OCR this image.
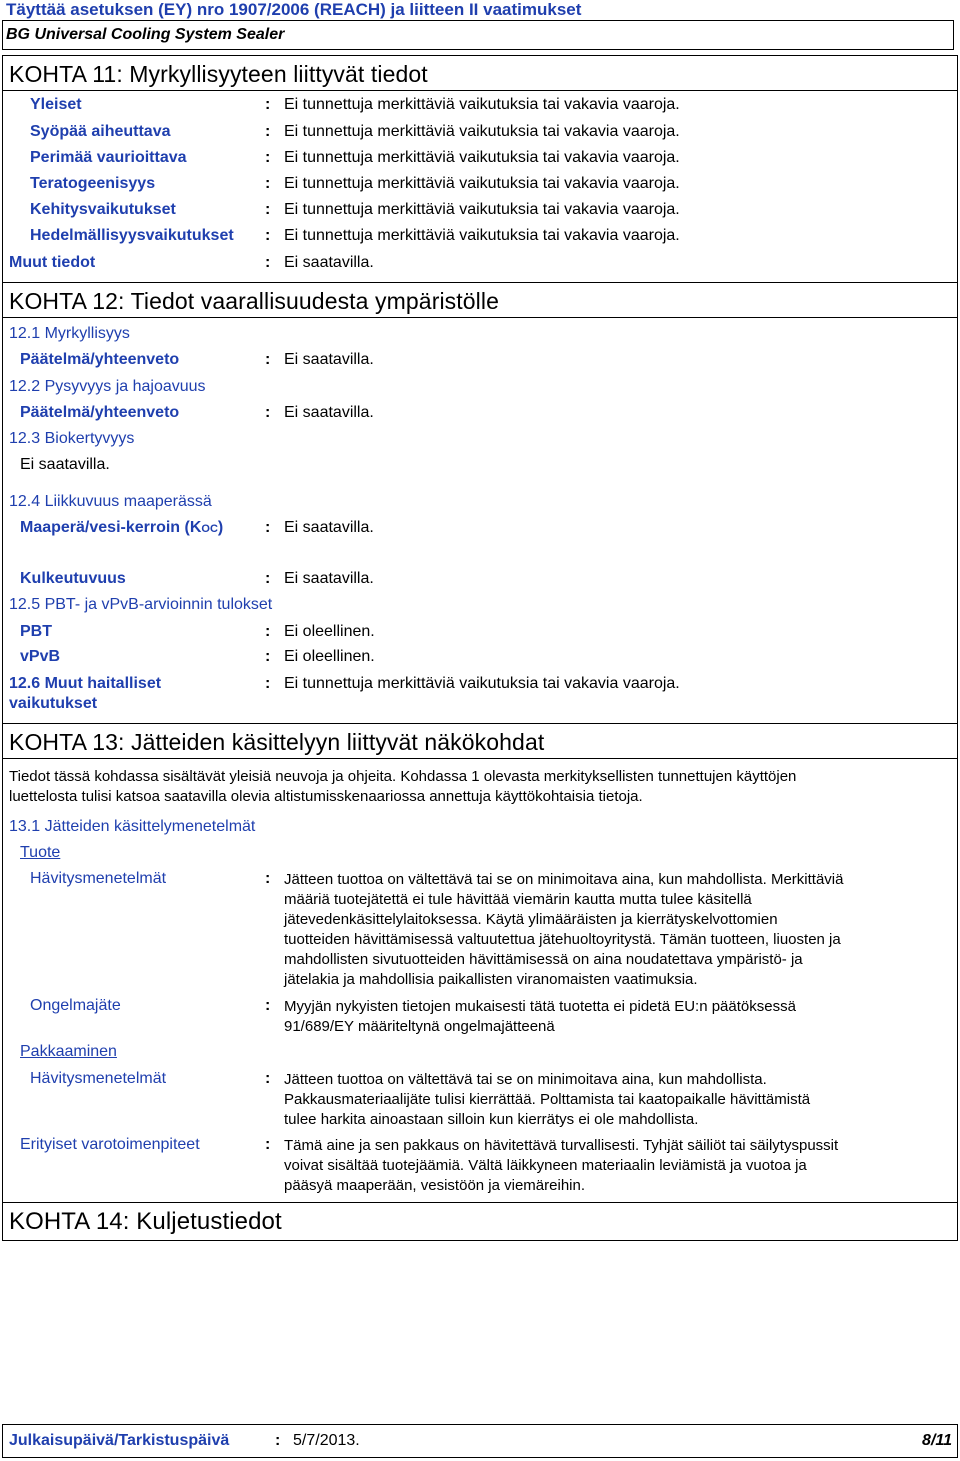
Täyttää asetuksen (EY) nro 1907/2006 (REACH) ja liitteen II vaatimukset
BG Universal Cooling System Sealer
KOHTA 11: Myrkyllisyyteen liittyvät tiedot
Yleiset	: Ei tunnettuja merkittäviä vaikutuksia tai vakavia vaaroja.
Syöpää aiheuttava	: Ei tunnettuja merkittäviä vaikutuksia tai vakavia vaaroja.
Perimää vaurioittava	: Ei tunnettuja merkittäviä vaikutuksia tai vakavia vaaroja.
Teratogeenisyys	: Ei tunnettuja merkittäviä vaikutuksia tai vakavia vaaroja.
Kehitysvaikutukset	: Ei tunnettuja merkittäviä vaikutuksia tai vakavia vaaroja.
Hedelmällisyysvaikutukset : Ei tunnettuja merkittäviä vaikutuksia tai vakavia vaaroja.
Muut tiedot	: Ei saatavilla.
KOHTA 12: Tiedot vaarallisuudesta ympäristölle
12.1 Myrkyllisyys
Päätelmä/yhteenveto	: Ei saatavilla.
12.2 Pysyvyys ja hajoavuus
Päätelmä/yhteenveto	: Ei saatavilla.
12.3 Biokertyvyys
Ei saatavilla.
12.4 Liikkuvuus maaperässä
Maaperä/vesi-kerroin (KOC)	: Ei saatavilla.
Kulkeutuvuus	: Ei saatavilla.
12.5 PBT- ja vPvB-arvioinnin tulokset
PBT	: Ei oleellinen.
vPvB	: Ei oleellinen.
12.6 Muut haitalliset
vaikutukset
: Ei tunnettuja merkittäviä vaikutuksia tai vakavia vaaroja.
KOHTA 13: Jätteiden käsittelyyn liittyvät näkökohdat
Tiedot tässä kohdassa sisältävät yleisiä neuvoja ja ohjeita. Kohdassa 1 olevasta merkityksellisten tunnettujen käyttöjen
luettelosta tulisi katsoa saatavilla olevia altistumisskenaariossa annettuja käyttökohtaisia tietoja.
13.1 Jätteiden käsittelymenetelmät
Tuote
Hävitysmenetelmät	: Jätteen tuottoa on vältettävä tai se on minimoitava aina, kun mahdollista. Merkittäviä
määriä tuotejätettä ei tule hävittää viemärin kautta mutta tulee käsitellä
jätevedenkäsittelylaitoksessa. Käytä ylimääräisten ja kierrätyskelvottomien
tuotteiden hävittämisessä valtuutettua jätehuoltoyritystä. Tämän tuotteen, liuosten ja
mahdollisten sivutuotteiden hävittämisessä on aina noudatettava ympäristö- ja
jätelakia ja mahdollisia paikallisten viranomaisten vaatimuksia.
Ongelmajäte	: Myyjän nykyisten tietojen mukaisesti tätä tuotetta ei pidetä EU:n päätöksessä
91/689/EY määriteltynä ongelmajätteenä
Pakkaaminen
Hävitysmenetelmät	: Jätteen tuottoa on vältettävä tai se on minimoitava aina, kun mahdollista.
Pakkausmateriaalijäte tulisi kierrättää. Polttamista tai kaatopaikalle hävittämistä
tulee harkita ainoastaan silloin kun kierrätys ei ole mahdollista.
Erityiset varotoimenpiteet	: Tämä aine ja sen pakkaus on hävitettävä turvallisesti. Tyhjät säiliöt tai säilytyspussit
voivat sisältää tuotejäämiä. Vältä läikkyneen materiaalin leviämistä ja vuotoa ja
pääsyä maaperään, vesistöön ja viemäreihin.
KOHTA 14: Kuljetustiedot
Julkaisupäivä/Tarkistuspäivä	: 5/7/2013.	8/11
